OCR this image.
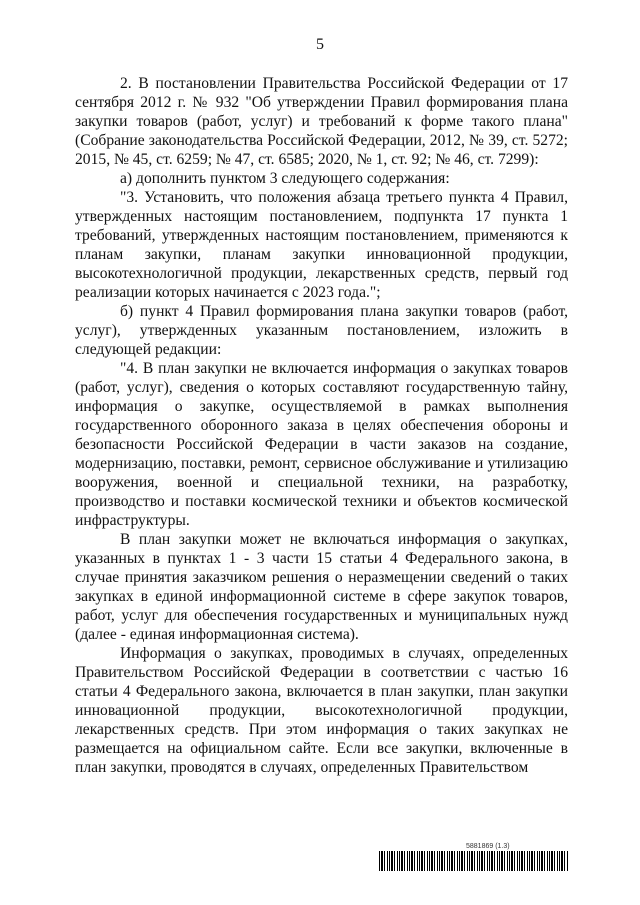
5

2. В постановлении Правительства Российской Федерации от 17 сентября 2012 г. № 932 "Об утверждении Правил формирования плана закупки товаров (работ, услуг) и требований к форме такого плана" (Собрание законодательства Российской Федерации, 2012, № 39, ст. 5272; 2015, № 45, ст. 6259; № 47, ст. 6585; 2020, № 1, ст. 92; № 46, ст. 7299):

а) дополнить пунктом 3 следующего содержания:

"3. Установить, что положения абзаца третьего пункта 4 Правил, утвержденных настоящим постановлением, подпункта 17 пункта 1 требований, утвержденных настоящим постановлением, применяются к планам закупки, планам закупки инновационной продукции, высокотехнологичной продукции, лекарственных средств, первый год реализации которых начинается с 2023 года.";

б) пункт 4 Правил формирования плана закупки товаров (работ, услуг), утвержденных указанным постановлением, изложить в следующей редакции:

"4. В план закупки не включается информация о закупках товаров (работ, услуг), сведения о которых составляют государственную тайну, информация о закупке, осуществляемой в рамках выполнения государственного оборонного заказа в целях обеспечения обороны и безопасности Российской Федерации в части заказов на создание, модернизацию, поставки, ремонт, сервисное обслуживание и утилизацию вооружения, военной и специальной техники, на разработку, производство и поставки космической техники и объектов космической инфраструктуры.

В план закупки может не включаться информация о закупках, указанных в пунктах 1 - 3 части 15 статьи 4 Федерального закона, в случае принятия заказчиком решения о неразмещении сведений о таких закупках в единой информационной системе в сфере закупок товаров, работ, услуг для обеспечения государственных и муниципальных нужд (далее - единая информационная система).

Информация о закупках, проводимых в случаях, определенных Правительством Российской Федерации в соответствии с частью 16 статьи 4 Федерального закона, включается в план закупки, план закупки инновационной продукции, высокотехнологичной продукции, лекарственных средств. При этом информация о таких закупках не размещается на официальном сайте. Если все закупки, включенные в план закупки, проводятся в случаях, определенных Правительством

5881869 (1.3)
